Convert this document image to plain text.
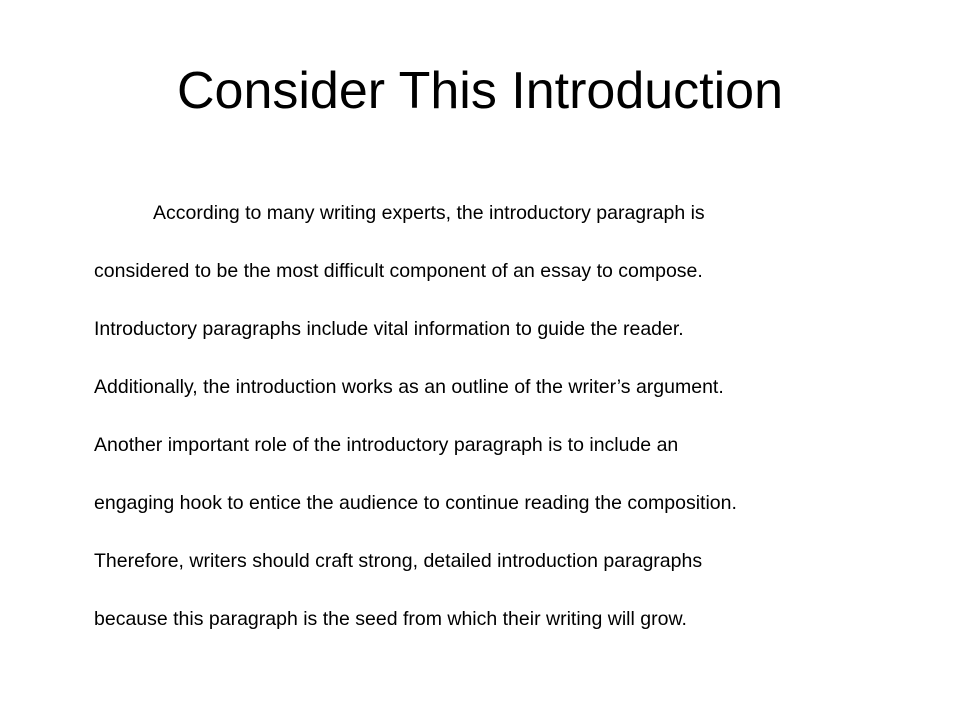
Consider This Introduction
According to many writing experts, the introductory paragraph is
considered to be the most difficult component of an essay to compose.
Introductory paragraphs include vital information to guide the reader.
Additionally, the introduction works as an outline of the writer’s argument.
Another important role of the introductory paragraph is to include an
engaging hook to entice the audience to continue reading the composition.
Therefore, writers should craft strong, detailed introduction paragraphs
because this paragraph is the seed from which their writing will grow.
